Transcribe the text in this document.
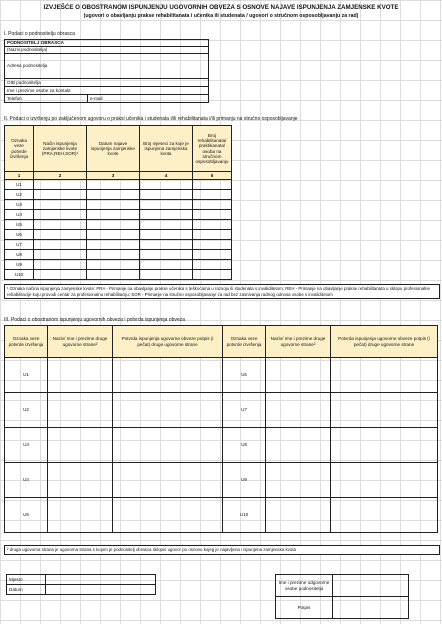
IZVJEŠĆE O OBOSTRANOM ISPUNJENJU UGOVORNIH OBVEZA S OSNOVE NAJAVE ISPUNJENJA ZAMJENSKE KVOTE
(ugovori o obavljanju prakse rehabilitanata i učenika ili studenata / ugovori o stručnom osposobljavanju za rad)
I. Podaci o podnositelju obrasca
PODNOSITELJ OBRASCA
(Naziv podnositelja)
Adresa podnositelja
OIB podnositelja
Ime i prezime osobe za kontakt
Telefon	e-mail
II. Podaci o izvršenju po zaključenom ugovoru o praksi učenika i studenata i/ili rehabilitanata i/ili primanju na stručno osposobljavanje
Oznaka veze potvrde izvršenja	Način ispunjenja zamjenske kvote (PRA,REH,SOR)¹	Datum najave ispunjenja zamjenske kvote	Broj mjeseci za koje je ispunjena zamjenska kvota	Broj rehabilitanata/ praktikanata/ osoba na stručnom osposobljavanju
1	2	3	4	5
U1				
U2				
U3				
U4				
U5				
U6				
U7				
U8				
U9				
U10				
¹ Oznaka načina ispunjenja zamjenske kvote: PRA - Primanje na obavljanje prakse učenika s teškoćama u razvoju ili studenata s invaliditetom; REH - Primanje na obavljanje prakse rehabilitanata u sklopu profesionalne rehabilitacije koju provodi centar za profesionalnu rehabilitaciju; SOR - Primanje na stručno osposobljavanje za rad bez zasnivanja radnog odnosa osobe s invaliditetom
III. Podaci o obostranom ispunjenju ugovornih obveza i potvrda ispunjenja obveza
Oznaka veze potvrde izvršenja	Naziv/ Ime i prezime druge ugovorne strane²	Potvrda ispunjenja ugovorne obveze potpis (i pečat) druge ugovorne strane	Oznaka veze potvrde izvršenja	Naziv/ Ime i prezime druge ugovorne strane²	Potvrda ispunjenja ugovorne obveze potpis (i pečat) druge ugovorne strane
U1			U6		
U2			U7		
U3			U8		
U4			U9		
U5			U10		
² druga ugovorna strana je ugovorna strana s kojom je podnositelj obrasca sklopio ugovor po osnovu kojeg je najavljena i ispunjena zamjenska kvota
Mjesto	
Datum	
Ime i prezime odgovorne osobe podnositelja	
Potpis	
